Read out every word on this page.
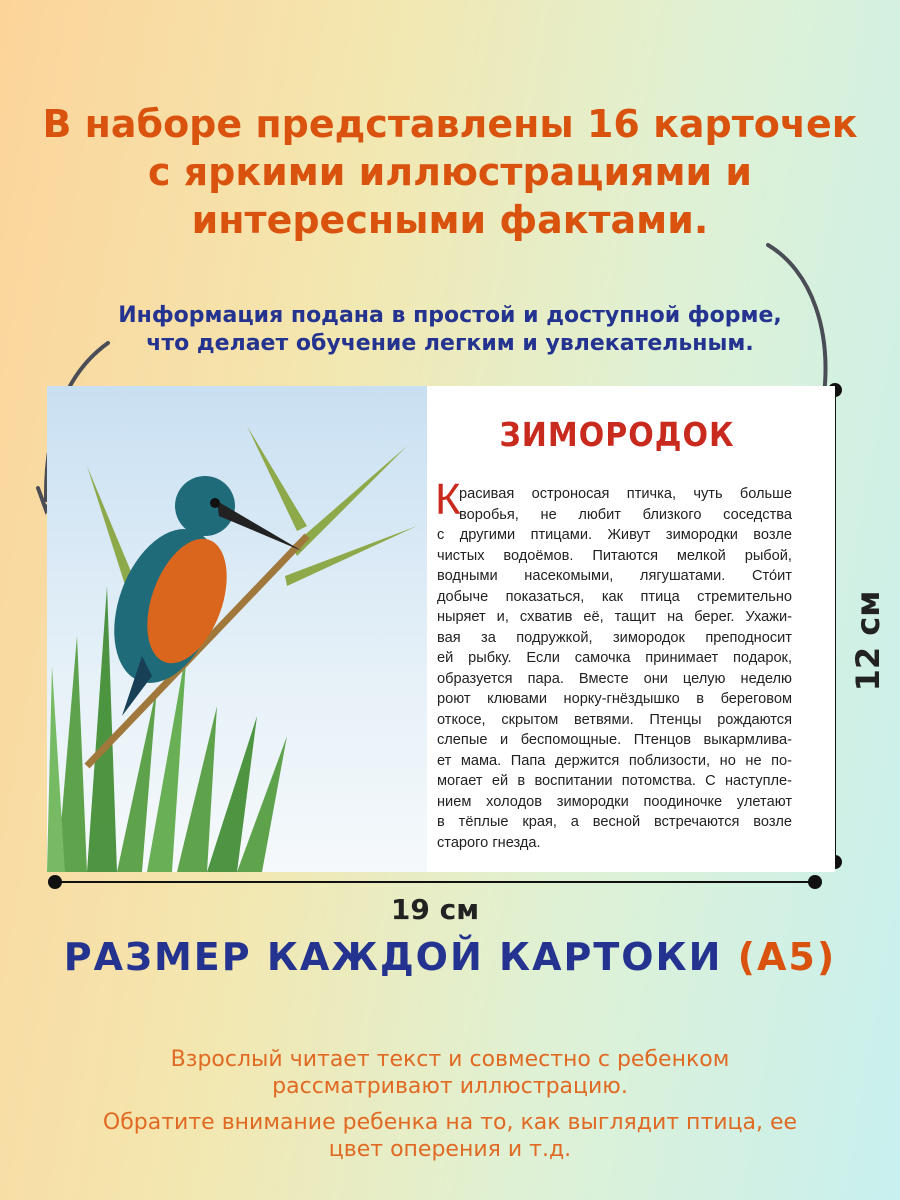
В наборе представлены 16 карточек
с яркими иллюстрациями и
интересными фактами.
Информация подана в простой и доступной форме,
что делает обучение легким и увлекательным.
ЗИМОРОДОК
К
расивая остроносая птичка, чуть больше
воробья, не любит близкого соседства
с другими птицами. Живут зимородки возле
чистых водоёмов. Питаются мелкой рыбой,
водными насекомыми, лягушатами. Сто́ит
добыче показаться, как птица стремительно
ныряет и, схватив её, тащит на берег. Ухажи-
вая за подружкой, зимородок преподносит
ей рыбку. Если самочка принимает подарок,
образуется пара. Вместе они целую неделю
роют клювами норку-гнёздышко в береговом
откосе, скрытом ветвями. Птенцы рождаются
слепые и беспомощные. Птенцов выкармлива-
ет мама. Папа держится поблизости, но не по-
могает ей в воспитании потомства. С наступле-
нием холодов зимородки поодиночке улетают
в тёплые края, а весной встречаются возле
старого гнезда.
19 см
12 см
РАЗМЕР КАЖДОЙ КАРТОКИ (А5)
Взрослый читает текст и совместно с ребенком
рассматривают иллюстрацию.
Обратите внимание ребенка на то, как выглядит птица, ее
цвет оперения и т.д.
